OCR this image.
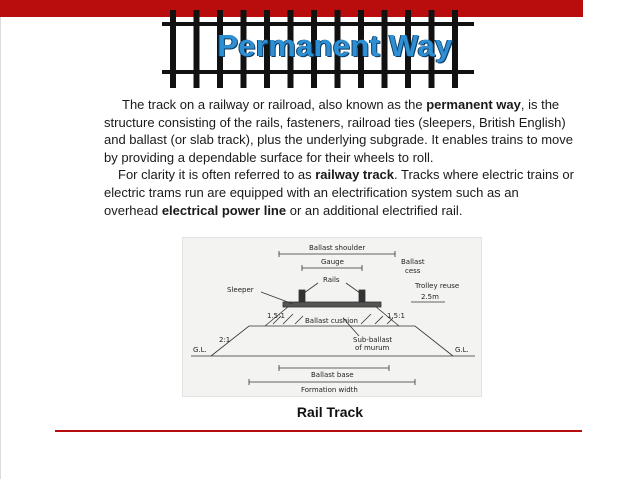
Permanent Way

The track on a railway or railroad, also known as the permanent way, is the structure consisting of the rails, fasteners, railroad ties (sleepers, British English) and ballast (or slab track), plus the underlying subgrade. It enables trains to move by providing a dependable surface for their wheels to roll.

For clarity it is often referred to as railway track. Tracks where electric trains or electric trams run are equipped with an electrification system such as an overhead electrical power line or an additional electrified rail.

Ballast shoulder
Gauge
Rails
Ballast
cess
Trolley reuse
2.5m
Sleeper
Ballast cushion
Sub-ballast
of murum
G.L.	G.L.
1.5:1	1.5:1
2:1
Ballast base
Formation width
Rail Track
